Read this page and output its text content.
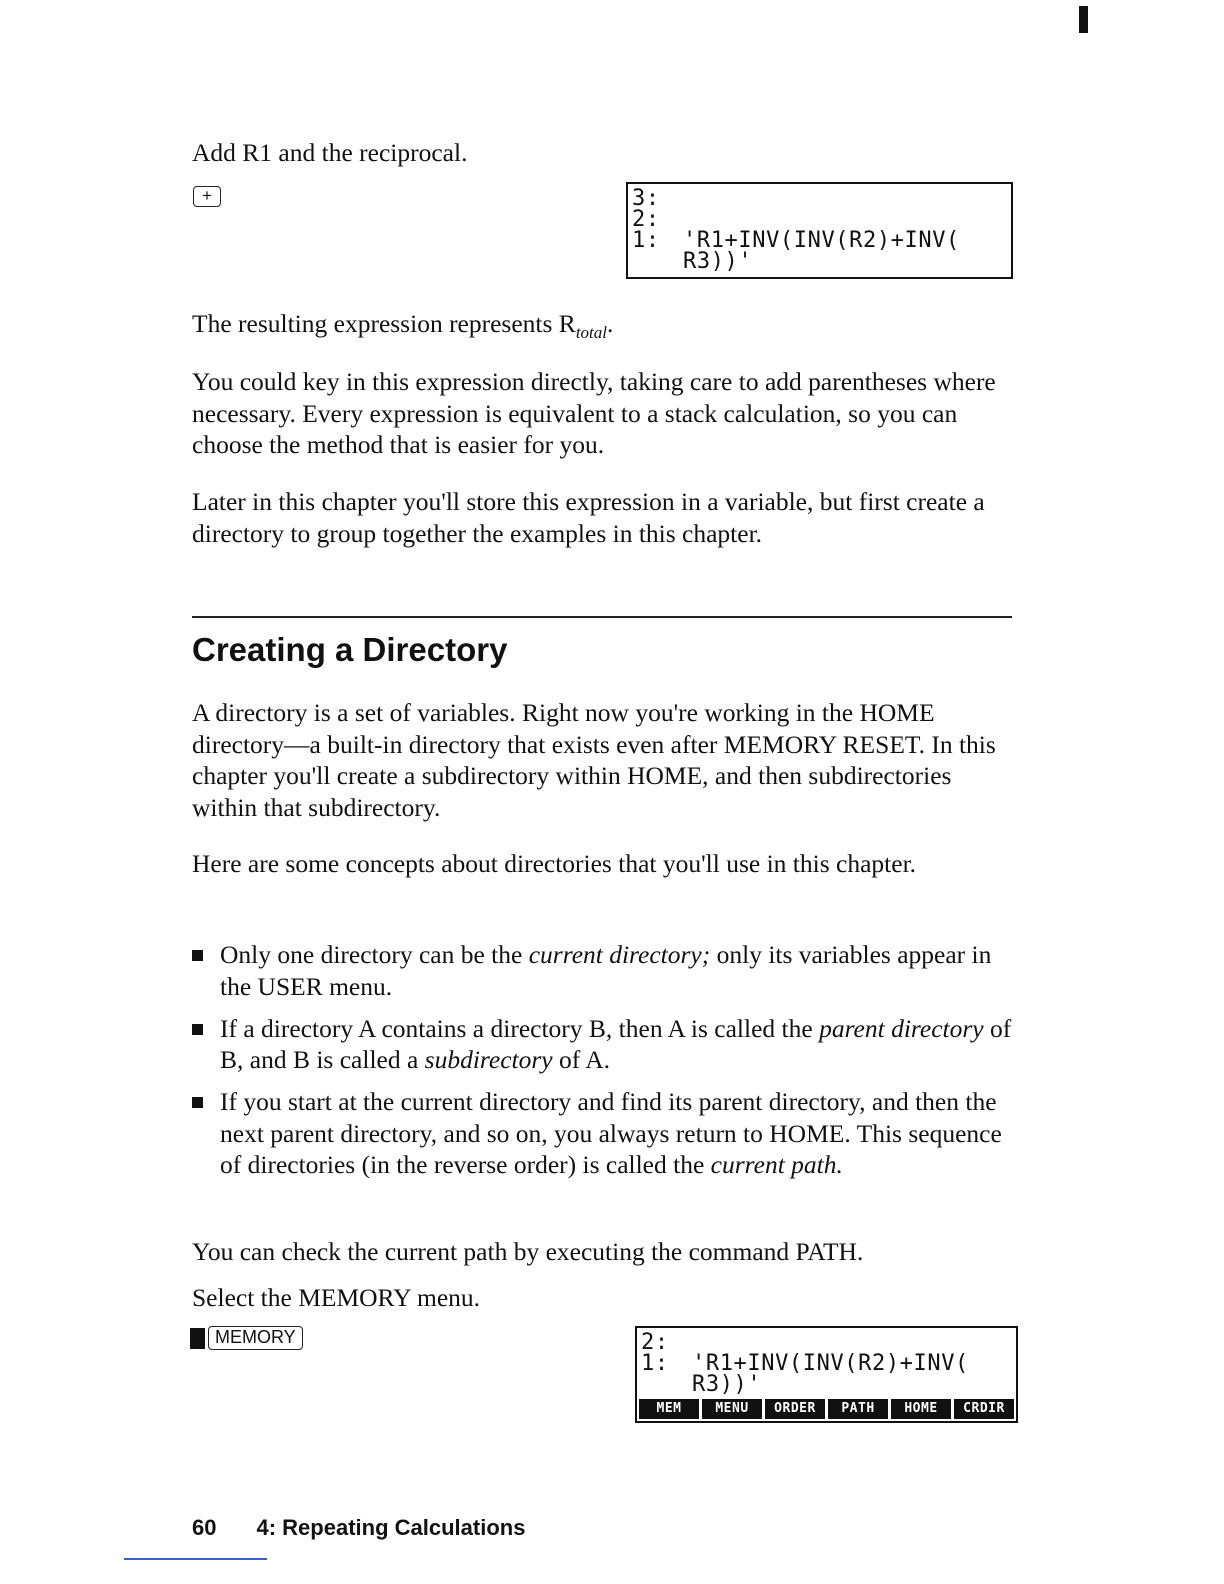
Add R1 and the reciprocal.

+	3:
2:
1: 'R1+INV(INV(R2)+INV(
R3))'

The resulting expression represents $R_{total}$.

You could key in this expression directly, taking care to add parentheses where necessary. Every expression is equivalent to a stack calculation, so you can choose the method that is easier for you.

Later in this chapter you'll store this expression in a variable, but first create a directory to group together the examples in this chapter.

Creating a Directory

A directory is a set of variables. Right now you're working in the HOME directory—a built-in directory that exists even after MEMORY RESET. In this chapter you'll create a subdirectory within HOME, and then subdirectories within that subdirectory.

Here are some concepts about directories that you'll use in this chapter.

Only one directory can be the current directory; only its variables appear in the USER menu.
If a directory A contains a directory B, then A is called the parent directory of B, and B is called a subdirectory of A.
If you start at the current directory and find its parent directory, and then the next parent directory, and so on, you always return to HOME. This sequence of directories (in the reverse order) is called the current path.

You can check the current path by executing the command PATH.

Select the MEMORY menu.

MEMORY	2:
1: 'R1+INV(INV(R2)+INV(
R3))'
MEM	MENU	ORDER	PATH	HOME	CRDIR

60 4: Repeating Calculations
